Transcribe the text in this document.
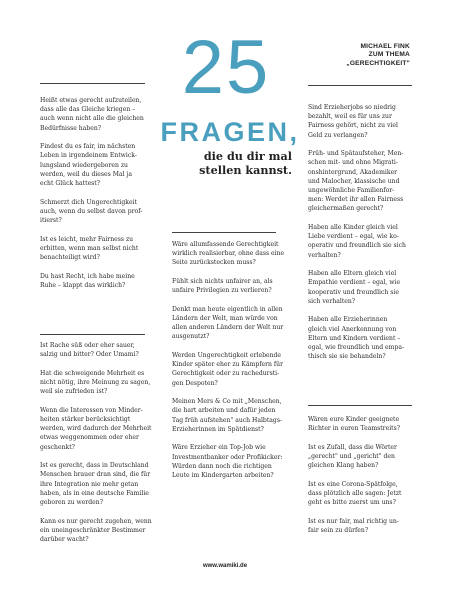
MICHAEL FINK
ZUM THEMA
„GERECHTIGKEIT"
25
FRAGEN,
die du dir mal
stellen kannst.
Heißt etwas gerecht aufzuteilen,
dass alle das Gleiche kriegen –
auch wenn nicht alle die gleichen
Bedürfnisse haben?
Findest du es fair, im nächsten
Leben in irgendeinem Entwick-
lungsland wiedergeboren zu
werden, weil du dieses Mal ja
echt Glück hattest?
Schmerzt dich Ungerechtigkeit
auch, wenn du selbst davon prof-
itierst?
Ist es leicht, mehr Fairness zu
erbitten, wenn man selbst nicht
benachteiligt wird?
Du hast Recht, ich habe meine
Ruhe – klappt das wirklich?
Ist Rache süß oder eher sauer,
salzig und bitter? Oder Umami?
Hat die schweigende Mehrheit es
nicht nötig, ihre Meinung zu sagen,
weil sie zufrieden ist?
Wenn die Interessen von Minder-
heiten stärker berücksichtigt
werden, wird dadurch der Mehrheit
etwas weggenommen oder eher
geschenkt?
Ist es gerecht, dass in Deutschland
Menschen brauer dran sind, die für
ihre Integration nie mehr getan
haben, als in eine deutsche Familie
geboren zu werden?
Kann es nur gerecht zugehen, wenn
ein uneingeschränkter Bestimmer
darüber wacht?
Wäre allumfassende Gerechtigkeit
wirklich realisierbar, ohne dass eine
Seite zurückstecken muss?
Fühlt sich nichts unfairer an, als
unfaire Privilegien zu verlieren?
Denkt man heute eigentlich in allen
Ländern der Welt, man würde von
allen anderen Ländern der Welt nur
ausgenutzt?
Werden Ungerechtigkeit erlebende
Kinder später eher zu Kämpfern für
Gerechtigkeit oder zu rachedursti-
gen Despoten?
Meinen Mers & Co mit „Menschen,
die hart arbeiten und dafür jeden
Tag früh aufstehen" auch Halbtags-
Erzieherinnen im Spätdienst?
Wäre Erzieher ein Top-Job wie
Investmentbanker oder Profikicker:
Würden dann noch die richtigen
Leute im Kindergarten arbeiten?
Sind Erzieherjobs so niedrig
bezahlt, weil es für uns zur
Fairness gehört, nicht zu viel
Geld zu verlangen?
Früh- und Spätaufsteher, Men-
schen mit- und ohne Migrati-
onshintergrund, Akademiker
und Malocher, klassische und
ungewöhnliche Familienfor-
men: Werdet ihr allen Fairness
gleichermaßen gerecht?
Haben alle Kinder gleich viel
Liebe verdient – egal, wie ko-
operativ und freundlich sie sich
verhalten?
Haben alle Eltern gleich viel
Empathie verdient – egal, wie
kooperativ und freundlich sie
sich verhalten?
Haben alle Erzieherinnen
gleich viel Anerkennung von
Eltern und Kindern verdient –
egal, wie freundlich und empa-
thisch sie sie behandeln?
Wären eure Kinder geeignete
Richter in euren Teamstreits?
Ist es Zufall, dass die Wörter
„gerecht" und „gericht" den
gleichen Klang haben?
Ist es eine Corona-Spätfolge,
dass plötzlich alle sagen: Jetzt
geht es bitte zuerst um uns?
Ist es nur fair, mal richtig un-
fair sein zu dürfen?
www.wamiki.de
